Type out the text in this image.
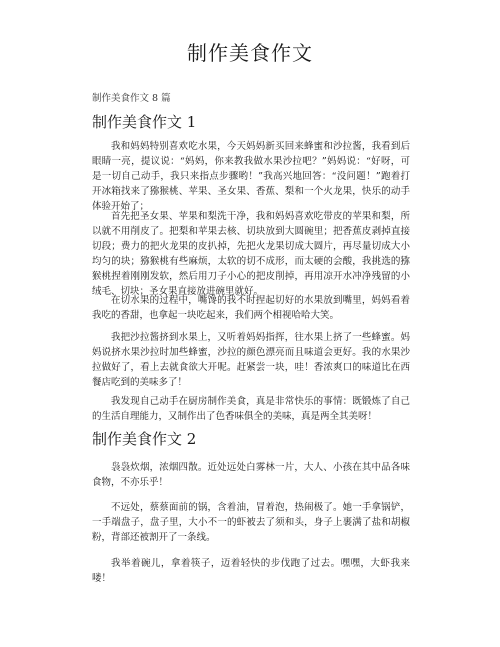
制作美食作文
制作美食作文 8 篇
制作美食作文 1

我和妈妈特别喜欢吃水果，今天妈妈新买回来蜂蜜和沙拉酱，我看到后眼睛一亮，提议说：“妈妈，你来教我做水果沙拉吧？”妈妈说：“好呀，可是一切自己动手，我只来指点步骤哟！”我高兴地回答：“没问题！”跑着打开冰箱找来了猕猴桃、苹果、圣女果、香蕉、梨和一个火龙果，快乐的动手体验开始了；

首先把圣女果、苹果和梨洗干净，我和妈妈喜欢吃带皮的苹果和梨，所以就不用削皮了。把梨和苹果去核、切块放到大圆碗里；把香蕉皮剥掉直接切段；费力的把火龙果的皮扒掉，先把火龙果切成大圆片，再尽量切成大小均匀的块；猕猴桃有些麻烦，太软的切不成形，而太硬的会酸，我挑选的猕猴桃捏着刚刚发软，然后用刀子小心的把皮削掉，再用凉开水冲净残留的小绒毛、切块；圣女果直接放进碗里就好。

在切水果的过程中，嘴馋的我不时捏起切好的水果放到嘴里，妈妈看着我吃的香甜，也拿起一块吃起来，我们两个相视哈哈大笑。

我把沙拉酱挤到水果上，又听着妈妈指挥，往水果上挤了一些蜂蜜。妈妈说挤水果沙拉时加些蜂蜜，沙拉的颜色漂亮而且味道会更好。我的水果沙拉做好了，看上去就食欲大开呢。赶紧尝一块，哇！香浓爽口的味道比在西餐店吃到的美味多了！

我发现自己动手在厨房制作美食，真是非常快乐的事情：既锻炼了自己的生活自理能力，又制作出了色香味俱全的美味，真是两全其美呀！

制作美食作文 2

袅袅炊烟，浓烟四散。近处远处白雾林一片，大人、小孩在其中品各味食物，不亦乐乎！

不远处，蔡蔡面前的锅，含着油，冒着泡，热闹极了。她一手拿锅铲，一手端盘子，盘子里，大小不一的虾被去了须和头，身子上裹满了盐和胡椒粉，背部还被割开了一条线。

我举着碗儿，拿着筷子，迈着轻快的步伐跑了过去。嘿嘿，大虾我来喽！
